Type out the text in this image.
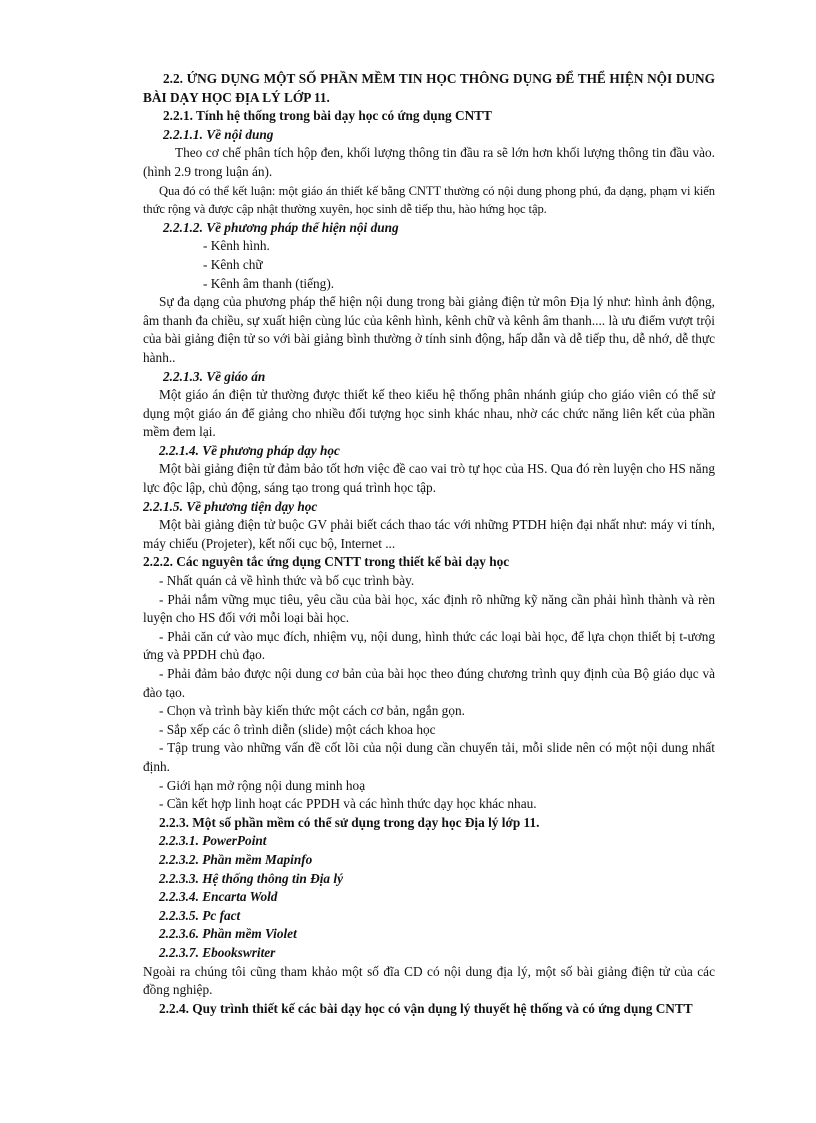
2.2. ỨNG DỤNG MỘT SỐ PHẦN MỀM TIN HỌC THÔNG DỤNG ĐỂ THỂ HIỆN NỘI DUNG BÀI DẠY HỌC ĐỊA LÝ LỚP 11.

2.2.1. Tính hệ thống trong bài dạy học có ứng dụng CNTT

2.2.1.1. Về nội dung

Theo cơ chế phân tích hộp đen, khối lượng thông tin đầu ra sẽ lớn hơn khối lượng thông tin đầu vào. (hình 2.9 trong luận án).

Qua đó có thể kết luận: một giáo án thiết kế bằng CNTT thường có nội dung phong phú, đa dạng, phạm vi kiến thức rộng và được cập nhật thường xuyên, học sinh dễ tiếp thu, hào hứng học tập.

2.2.1.2. Về phương pháp thể hiện nội dung

- Kênh hình.

- Kênh chữ

- Kênh âm thanh (tiếng).

Sự đa dạng của phương pháp thể hiện nội dung trong bài giảng điện tử môn Địa lý như: hình ảnh động, âm thanh đa chiều, sự xuất hiện cùng lúc của kênh hình, kênh chữ và kênh âm thanh.... là ưu điểm vượt trội của bài giảng điện tử so với bài giảng bình thường ở tính sinh động, hấp dẫn và dễ tiếp thu, dễ nhớ, dễ thực hành..

2.2.1.3. Về giáo án

Một giáo án điện tử thường được thiết kế theo kiểu hệ thống phân nhánh giúp cho giáo viên có thể sử dụng một giáo án để giảng cho nhiều đối tượng học sinh khác nhau, nhờ các chức năng liên kết của phần mềm đem lại.

2.2.1.4. Về phương pháp dạy học

Một bài giảng điện tử đảm bảo tốt hơn việc đề cao vai trò tự học của HS. Qua đó rèn luyện cho HS năng lực độc lập, chủ động, sáng tạo trong quá trình học tập.

2.2.1.5. Về phương tiện dạy học

Một bài giảng điện tử buộc GV phải biết cách thao tác với những PTDH hiện đại nhất như: máy vi tính, máy chiếu (Projeter), kết nối cục bộ, Internet ...

2.2.2. Các nguyên tắc ứng dụng CNTT trong thiết kế bài dạy học

- Nhất quán cả về hình thức và bố cục trình bày.

- Phải nắm vững mục tiêu, yêu cầu của bài học, xác định rõ những kỹ năng cần phải hình thành và rèn luyện cho HS đối với mỗi loại bài học.

- Phải căn cứ vào mục đích, nhiệm vụ, nội dung, hình thức các loại bài học, để lựa chọn thiết bị t-ương ứng và PPDH chủ đạo.

- Phải đảm bảo được nội dung cơ bản của bài học theo đúng chương trình quy định của Bộ giáo dục và đào tạo.

- Chọn và trình bày kiến thức một cách cơ bản, ngắn gọn.

- Sắp xếp các ô trình diễn (slide) một cách khoa học

- Tập trung vào những vấn đề cốt lõi của nội dung cần chuyển tải, mỗi slide nên có một nội dung nhất định.

- Giới hạn mở rộng nội dung minh hoạ

- Cần kết hợp linh hoạt các PPDH và các hình thức dạy học khác nhau.

2.2.3. Một số phần mềm có thể sử dụng trong dạy học Địa lý lớp 11.

2.2.3.1. PowerPoint

2.2.3.2. Phần mềm Mapinfo

2.2.3.3. Hệ thống thông tin Địa lý

2.2.3.4. Encarta Wold

2.2.3.5. Pc fact

2.2.3.6. Phần mềm Violet

2.2.3.7. Ebookswriter

Ngoài ra chúng tôi cũng tham khảo một số đĩa CD có nội dung địa lý, một số bài giảng điện tử của các đồng nghiệp.

2.2.4. Quy trình thiết kế các bài dạy học có vận dụng lý thuyết hệ thống và có ứng dụng CNTT
